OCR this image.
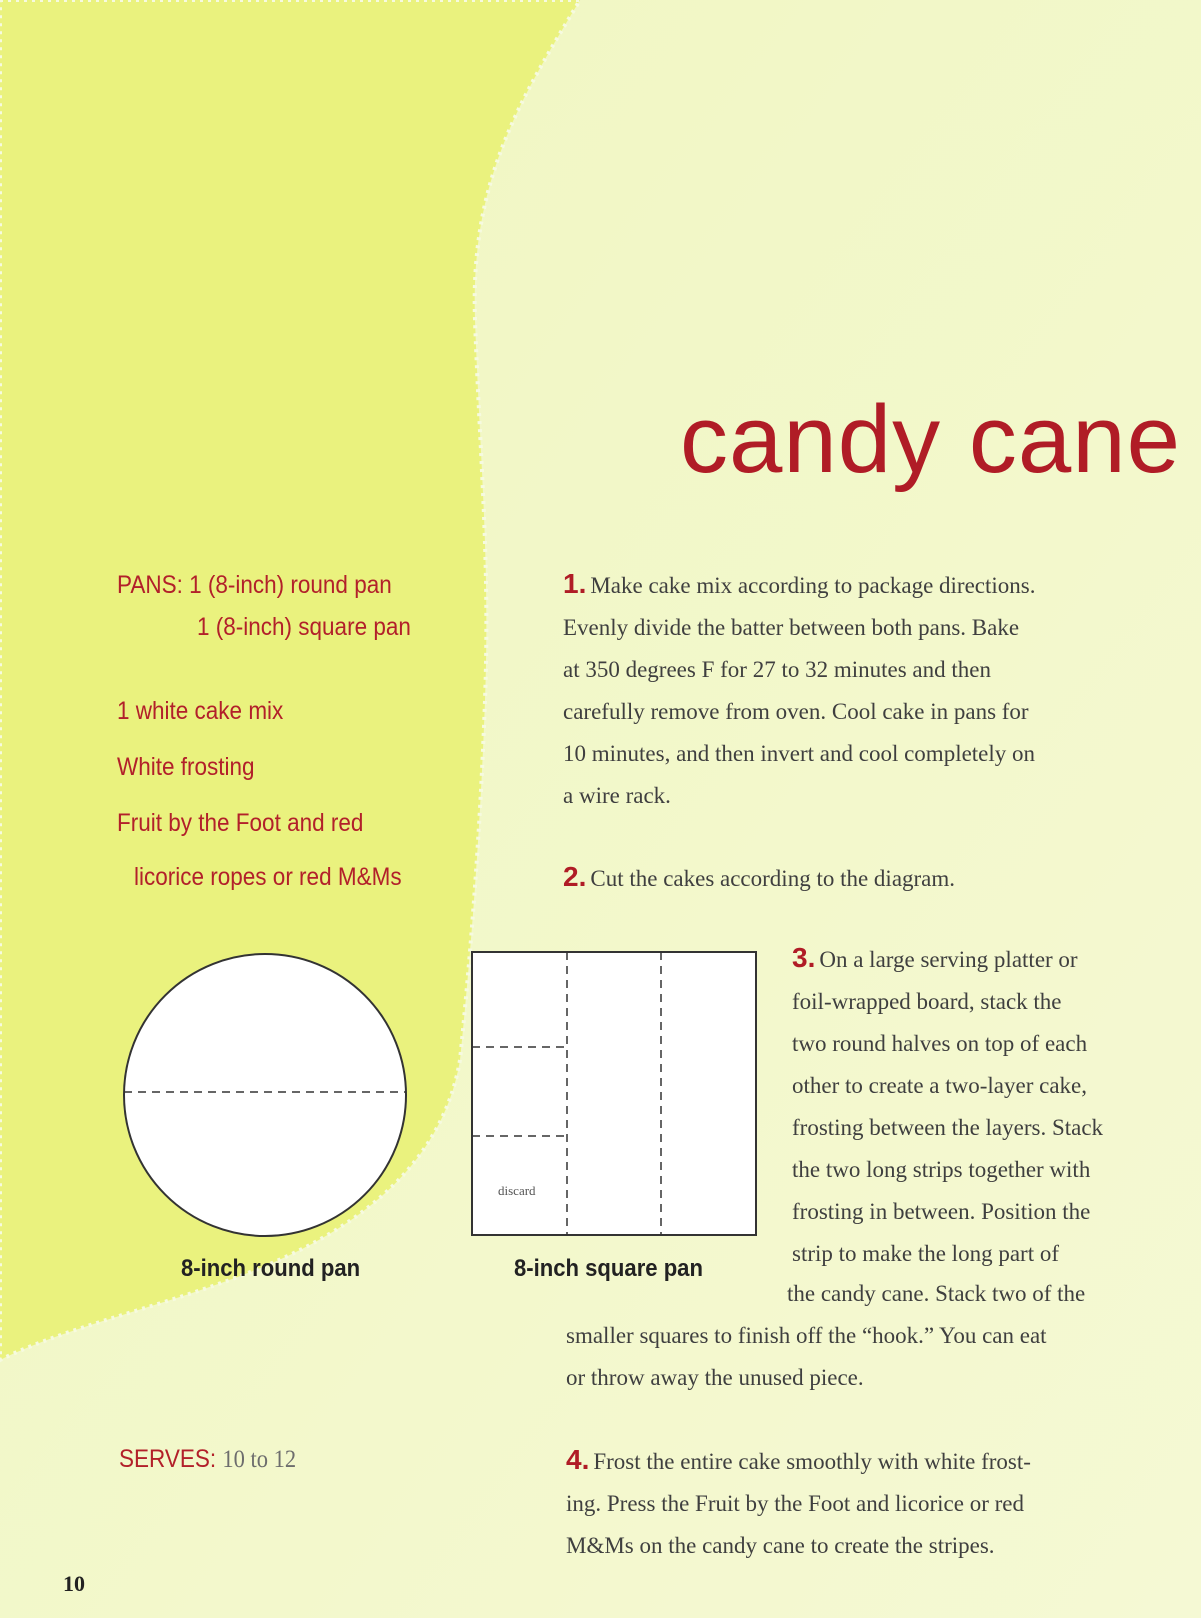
candy cane
PANS: 1 (8-inch) round pan
1 (8-inch) square pan
1 white cake mix
White frosting
Fruit by the Foot and red
licorice ropes or red M&Ms
8-inch round pan
discard
8-inch square pan
1. Make cake mix according to package directions.
Evenly divide the batter between both pans. Bake
at 350 degrees F for 27 to 32 minutes and then
carefully remove from oven. Cool cake in pans for
10 minutes, and then invert and cool completely on
a wire rack.
2. Cut the cakes according to the diagram.
3. On a large serving platter or
foil-wrapped board, stack the
two round halves on top of each
other to create a two-layer cake,
frosting between the layers. Stack
the two long strips together with
frosting in between. Position the
strip to make the long part of
the candy cane. Stack two of the
smaller squares to finish off the “hook.” You can eat
or throw away the unused piece.
SERVES: 10 to 12	4. Frost the entire cake smoothly with white frost-
ing. Press the Fruit by the Foot and licorice or red
M&Ms on the candy cane to create the stripes.
10
